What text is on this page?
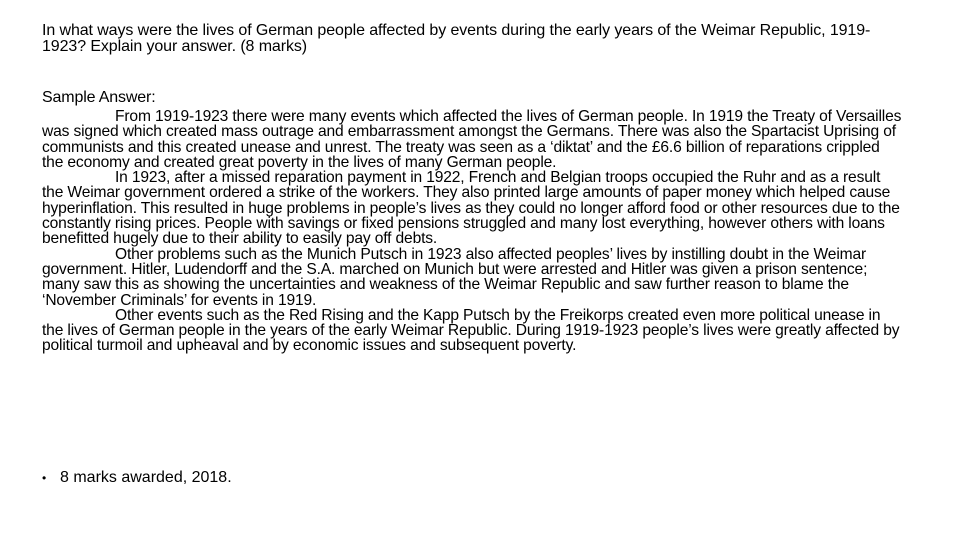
In what ways were the lives of German people affected by events during the early years of the Weimar Republic, 1919-1923? Explain your answer. (8 marks)

Sample Answer:

From 1919-1923 there were many events which affected the lives of German people. In 1919 the Treaty of Versailles was signed which created mass outrage and embarrassment amongst the Germans. There was also the Spartacist Uprising of communists and this created unease and unrest. The treaty was seen as a ‘diktat’ and the £6.6 billion of reparations crippled the economy and created great poverty in the lives of many German people.

In 1923, after a missed reparation payment in 1922, French and Belgian troops occupied the Ruhr and as a result the Weimar government ordered a strike of the workers. They also printed large amounts of paper money which helped cause hyperinflation. This resulted in huge problems in people’s lives as they could no longer afford food or other resources due to the constantly rising prices. People with savings or fixed pensions struggled and many lost everything, however others with loans benefitted hugely due to their ability to easily pay off debts.

Other problems such as the Munich Putsch in 1923 also affected peoples’ lives by instilling doubt in the Weimar government. Hitler, Ludendorff and the S.A. marched on Munich but were arrested and Hitler was given a prison sentence; many saw this as showing the uncertainties and weakness of the Weimar Republic and saw further reason to blame the ‘November Criminals’ for events in 1919.

Other events such as the Red Rising and the Kapp Putsch by the Freikorps created even more political unease in the lives of German people in the years of the early Weimar Republic. During 1919-1923 people’s lives were greatly affected by political turmoil and upheaval and by economic issues and subsequent poverty.

• 8 marks awarded, 2018.
